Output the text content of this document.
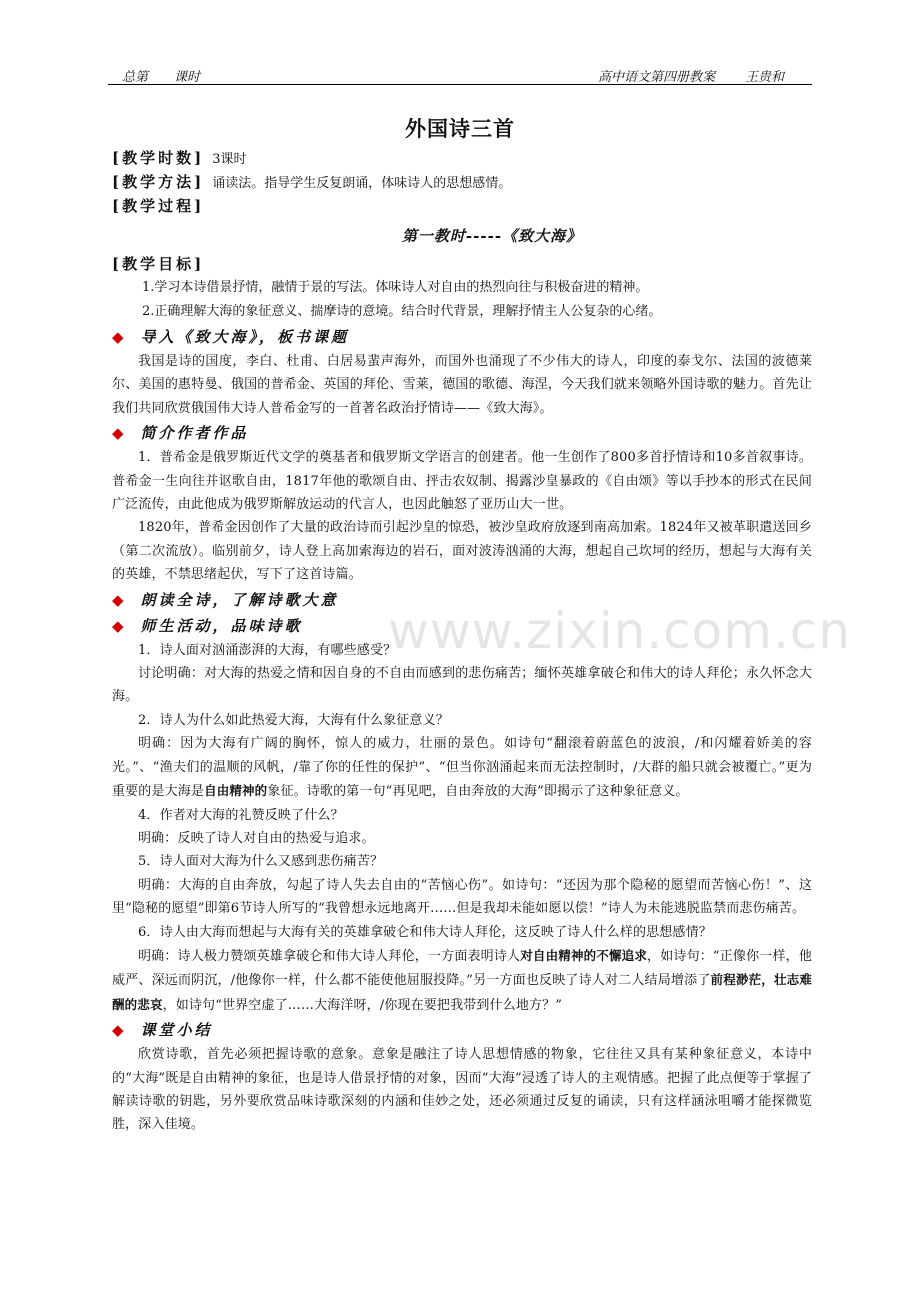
总第 课时	高中语文第四册教案 王贵和
外国诗三首
[教学时数] 3课时
[教学方法] 诵读法。指导学生反复朗诵，体味诗人的思想感情。
[教学过程]
第一教时-----《致大海》
[教学目标]
1.学习本诗借景抒情，融情于景的写法。体味诗人对自由的热烈向往与积极奋进的精神。
2.正确理解大海的象征意义、揣摩诗的意境。结合时代背景，理解抒情主人公复杂的心绪。
◆ 导入《致大海》，板书课题

我国是诗的国度，李白、杜甫、白居易蜚声海外，而国外也涌现了不少伟大的诗人，印度的泰戈尔、法国的波德莱尔、美国的惠特曼、俄国的普希金、英国的拜伦、雪莱，德国的歌德、海涅，今天我们就来领略外国诗歌的魅力。首先让我们共同欣赏俄国伟大诗人普希金写的一首著名政治抒情诗——《致大海》。

◆ 简介作者作品

1．普希金是俄罗斯近代文学的奠基者和俄罗斯文学语言的创建者。他一生创作了800多首抒情诗和10多首叙事诗。普希金一生向往并讴歌自由，1817年他的歌颂自由、抨击农奴制、揭露沙皇暴政的《自由颂》等以手抄本的形式在民间广泛流传，由此他成为俄罗斯解放运动的代言人，也因此触怒了亚历山大一世。

1820年，普希金因创作了大量的政治诗而引起沙皇的惊恐，被沙皇政府放逐到南高加索。1824年又被革职遣送回乡（第二次流放）。临别前夕，诗人登上高加索海边的岩石，面对波涛汹涌的大海，想起自己坎坷的经历，想起与大海有关的英雄，不禁思绪起伏，写下了这首诗篇。

◆ 朗读全诗，了解诗歌大意
◆ 师生活动，品味诗歌

1．诗人面对汹涌澎湃的大海，有哪些感受？

讨论明确：对大海的热爱之情和因自身的不自由而感到的悲伤痛苦；缅怀英雄拿破仑和伟大的诗人拜伦；永久怀念大海。

2．诗人为什么如此热爱大海，大海有什么象征意义？

明确：因为大海有广阔的胸怀，惊人的威力，壮丽的景色。如诗句“翻滚着蔚蓝色的波浪，/和闪耀着娇美的容光。”、“渔夫们的温顺的风帆，/靠了你的任性的保护”、“但当你汹涌起来而无法控制时，/大群的船只就会被覆亡。”更为重要的是大海是自由精神的象征。诗歌的第一句“再见吧，自由奔放的大海”即揭示了这种象征意义。

4．作者对大海的礼赞反映了什么？

明确：反映了诗人对自由的热爱与追求。

5．诗人面对大海为什么又感到悲伤痛苦？

明确：大海的自由奔放，勾起了诗人失去自由的“苦恼心伤”。如诗句：“还因为那个隐秘的愿望而苦恼心伤！”、这里“隐秘的愿望”即第6节诗人所写的“我曾想永远地离开……但是我却未能如愿以偿！”诗人为未能逃脱监禁而悲伤痛苦。

6．诗人由大海而想起与大海有关的英雄拿破仑和伟大诗人拜伦，这反映了诗人什么样的思想感情？

明确：诗人极力赞颂英雄拿破仑和伟大诗人拜伦，一方面表明诗人对自由精神的不懈追求，如诗句：“正像你一样，他威严、深远而阴沉，/他像你一样，什么都不能使他屈服投降。”另一方面也反映了诗人对二人结局增添了前程渺茫，壮志难酬的悲哀，如诗句“世界空虚了……大海洋呀，/你现在要把我带到什么地方？”

◆ 课堂小结

欣赏诗歌，首先必须把握诗歌的意象。意象是融注了诗人思想情感的物象，它往往又具有某种象征意义，本诗中的“大海”既是自由精神的象征，也是诗人借景抒情的对象，因而“大海”浸透了诗人的主观情感。把握了此点便等于掌握了解读诗歌的钥匙，另外要欣赏品味诗歌深刻的内涵和佳妙之处，还必须通过反复的诵读，只有这样涵泳咀嚼才能探微览胜，深入佳境。

www.zixin.com.cn
